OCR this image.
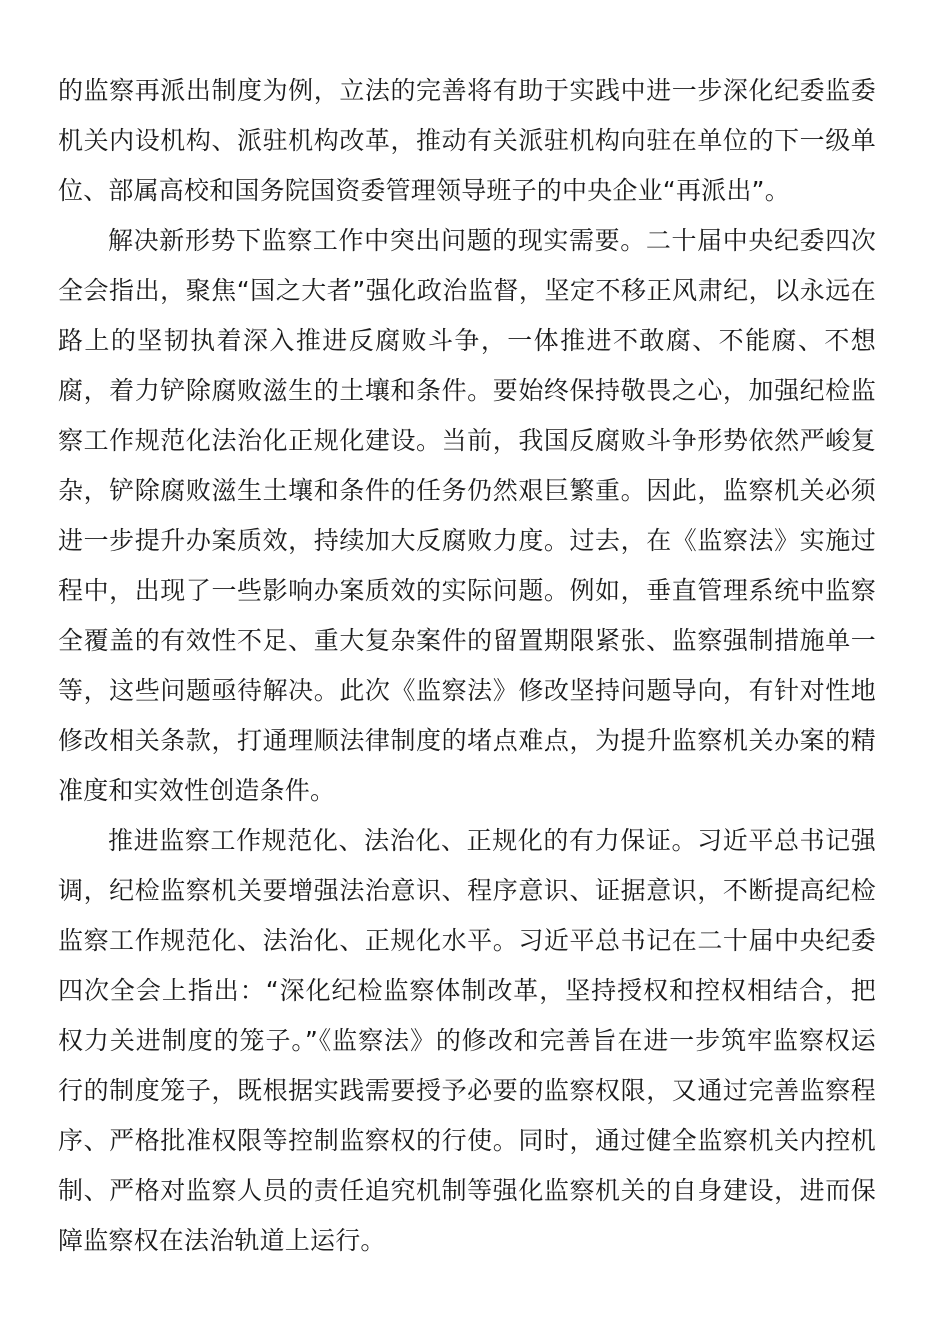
的监察再派出制度为例，立法的完善将有助于实践中进一步深化纪委监委机关内设机构、派驻机构改革，推动有关派驻机构向驻在单位的下一级单位、部属高校和国务院国资委管理领导班子的中央企业“再派出”。

解决新形势下监察工作中突出问题的现实需要。二十届中央纪委四次全会指出，聚焦“国之大者”强化政治监督，坚定不移正风肃纪，以永远在路上的坚韧执着深入推进反腐败斗争，一体推进不敢腐、不能腐、不想腐，着力铲除腐败滋生的土壤和条件。要始终保持敬畏之心，加强纪检监察工作规范化法治化正规化建设。当前，我国反腐败斗争形势依然严峻复杂，铲除腐败滋生土壤和条件的任务仍然艰巨繁重。因此，监察机关必须进一步提升办案质效，持续加大反腐败力度。过去，在《监察法》实施过程中，出现了一些影响办案质效的实际问题。例如，垂直管理系统中监察全覆盖的有效性不足、重大复杂案件的留置期限紧张、监察强制措施单一等，这些问题亟待解决。此次《监察法》修改坚持问题导向，有针对性地修改相关条款，打通理顺法律制度的堵点难点，为提升监察机关办案的精准度和实效性创造条件。

推进监察工作规范化、法治化、正规化的有力保证。习近平总书记强调，纪检监察机关要增强法治意识、程序意识、证据意识，不断提高纪检监察工作规范化、法治化、正规化水平。习近平总书记在二十届中央纪委四次全会上指出：“深化纪检监察体制改革，坚持授权和控权相结合，把权力关进制度的笼子。”《监察法》的修改和完善旨在进一步筑牢监察权运行的制度笼子，既根据实践需要授予必要的监察权限，又通过完善监察程序、严格批准权限等控制监察权的行使。同时，通过健全监察机关内控机制、严格对监察人员的责任追究机制等强化监察机关的自身建设，进而保障监察权在法治轨道上运行。
